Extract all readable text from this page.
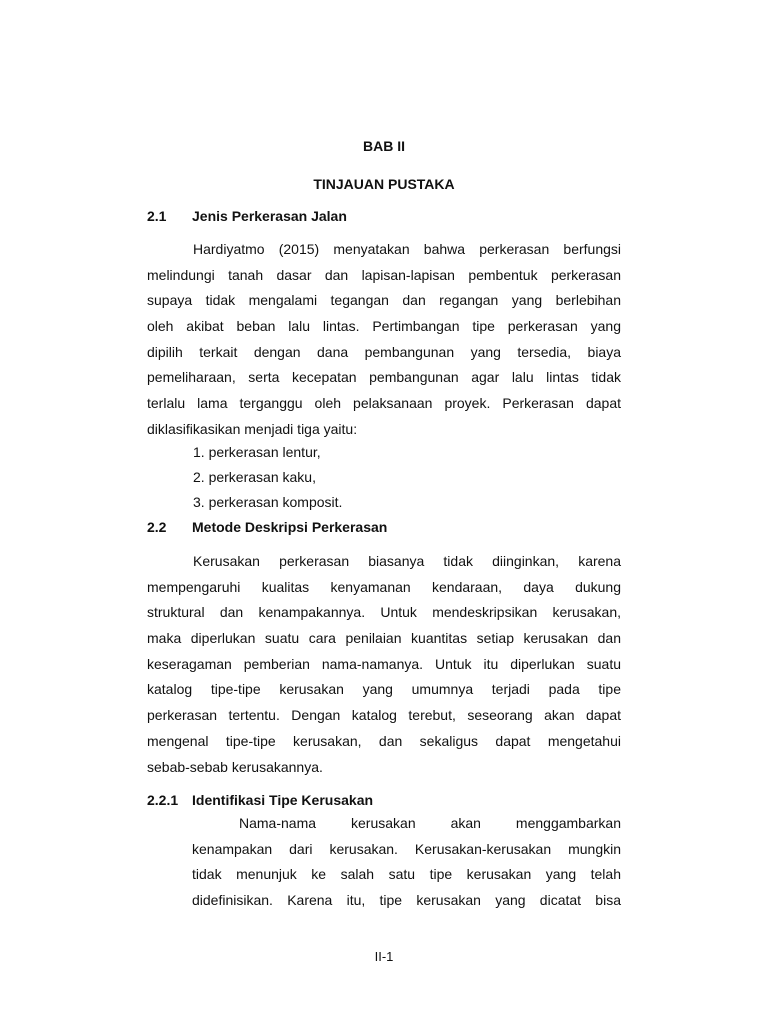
BAB II
TINJAUAN PUSTAKA
2.1 Jenis Perkerasan Jalan
Hardiyatmo (2015) menyatakan bahwa perkerasan berfungsi
melindungi tanah dasar dan lapisan-lapisan pembentuk perkerasan
supaya tidak mengalami tegangan dan regangan yang berlebihan
oleh akibat beban lalu lintas. Pertimbangan tipe perkerasan yang
dipilih terkait dengan dana pembangunan yang tersedia, biaya
pemeliharaan, serta kecepatan pembangunan agar lalu lintas tidak
terlalu lama terganggu oleh pelaksanaan proyek. Perkerasan dapat
diklasifikasikan menjadi tiga yaitu:
1. perkerasan lentur,
2. perkerasan kaku,
3. perkerasan komposit.
2.2 Metode Deskripsi Perkerasan
Kerusakan perkerasan biasanya tidak diinginkan, karena
mempengaruhi kualitas kenyamanan kendaraan, daya dukung
struktural dan kenampakannya. Untuk mendeskripsikan kerusakan,
maka diperlukan suatu cara penilaian kuantitas setiap kerusakan dan
keseragaman pemberian nama-namanya. Untuk itu diperlukan suatu
katalog tipe-tipe kerusakan yang umumnya terjadi pada tipe
perkerasan tertentu. Dengan katalog terebut, seseorang akan dapat
mengenal tipe-tipe kerusakan, dan sekaligus dapat mengetahui
sebab-sebab kerusakannya.
2.2.1 Identifikasi Tipe Kerusakan
Nama-nama kerusakan akan menggambarkan
kenampakan dari kerusakan. Kerusakan-kerusakan mungkin
tidak menunjuk ke salah satu tipe kerusakan yang telah
didefinisikan. Karena itu, tipe kerusakan yang dicatat bisa
II-1
